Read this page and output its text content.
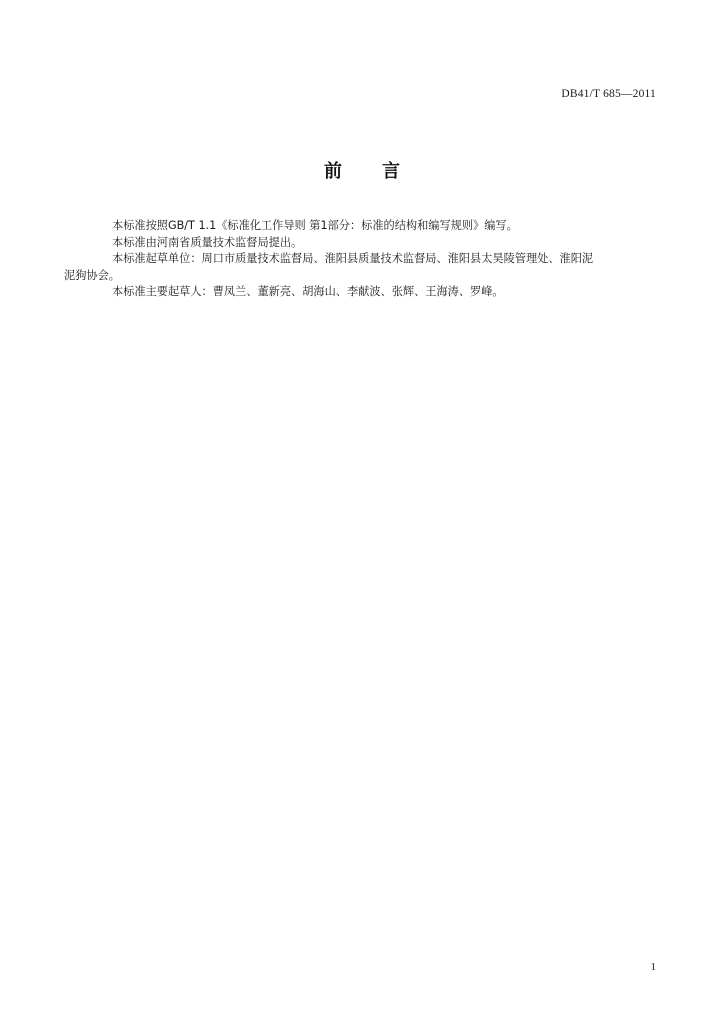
DB41/T 685—2011
前 言

本标准按照GB/T 1.1《标准化工作导则 第1部分：标准的结构和编写规则》编写。

本标准由河南省质量技术监督局提出。

本标准起草单位：周口市质量技术监督局、淮阳县质量技术监督局、淮阳县太昊陵管理处、淮阳泥
泥狗协会。

本标准主要起草人：曹凤兰、董新亮、胡海山、李献波、张辉、王海涛、罗峰。

1
